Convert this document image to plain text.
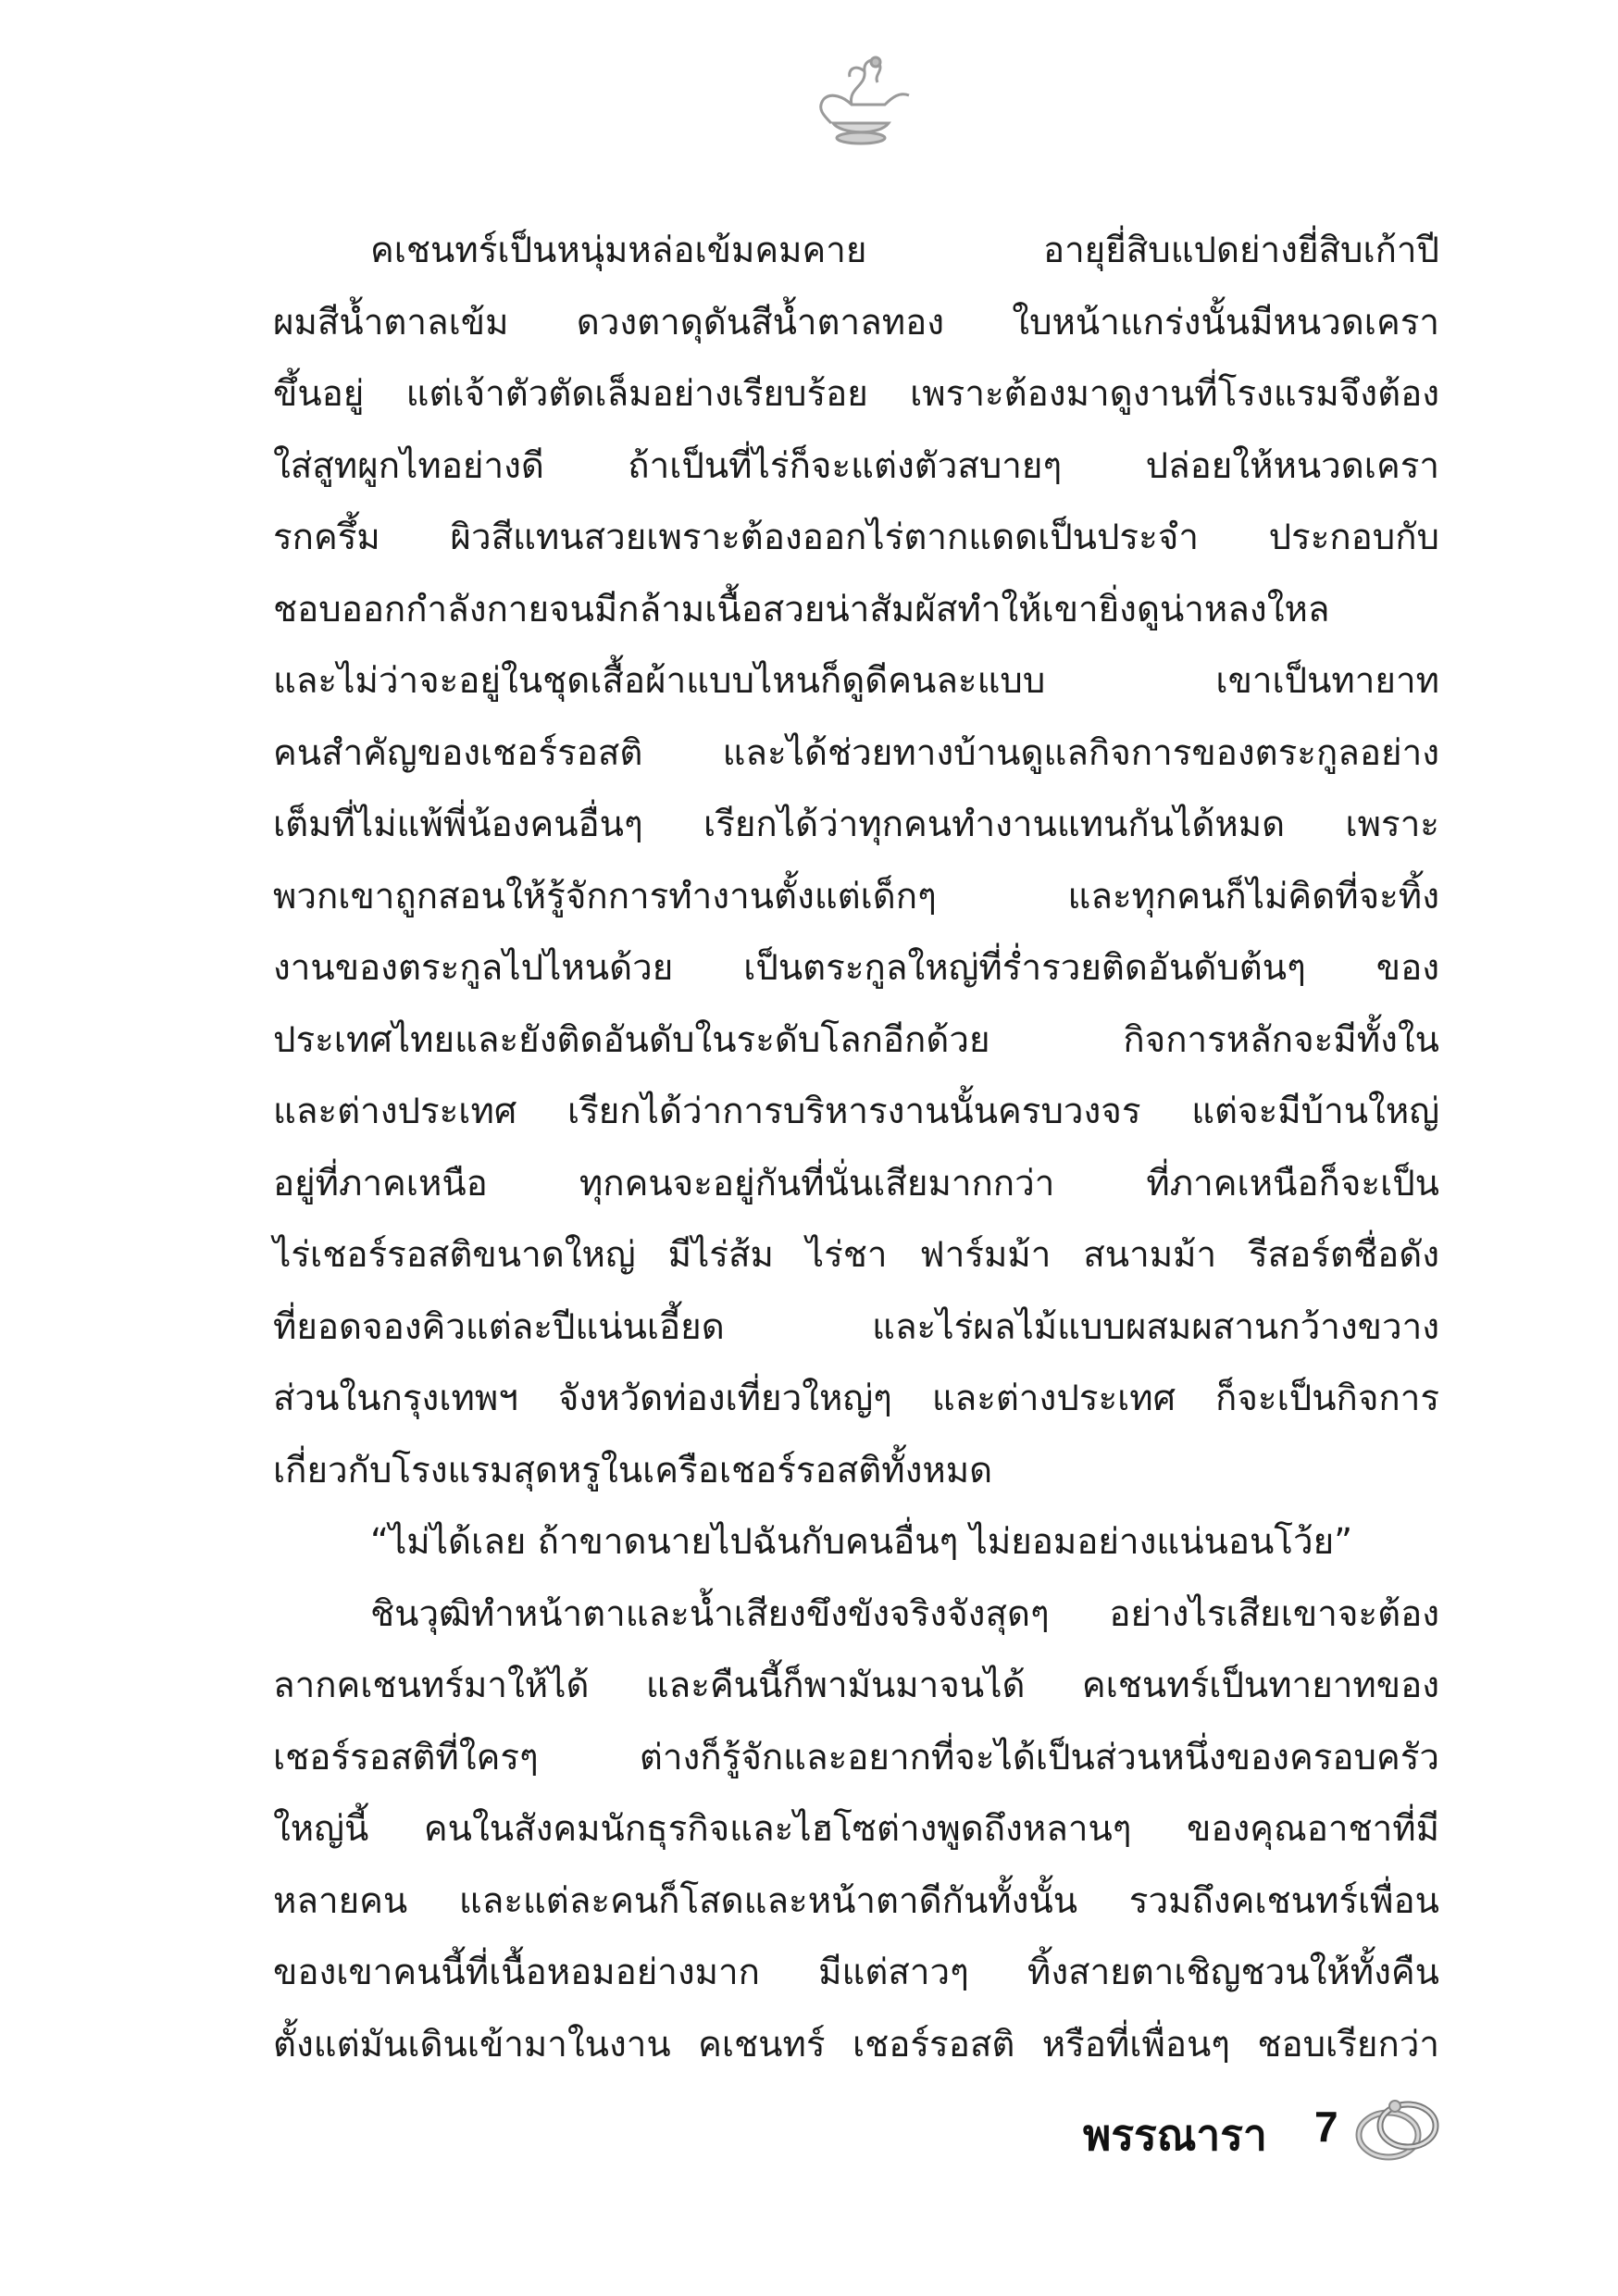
คเชนทร์เป็นหนุ่มหล่อเข้มคมคาย อายุยี่สิบแปดย่างยี่สิบเก้าปี
ผมสีน้ำตาลเข้ม ดวงตาดุดันสีน้ำตาลทอง ใบหน้าแกร่งนั้นมีหนวดเครา
ขึ้นอยู่ แต่เจ้าตัวตัดเล็มอย่างเรียบร้อย เพราะต้องมาดูงานที่โรงแรมจึงต้อง
ใส่สูทผูกไทอย่างดี ถ้าเป็นที่ไร่ก็จะแต่งตัวสบายๆ ปล่อยให้หนวดเครา
รกครึ้ม ผิวสีแทนสวยเพราะต้องออกไร่ตากแดดเป็นประจำ ประกอบกับ
ชอบออกกำลังกายจนมีกล้ามเนื้อสวยน่าสัมผัสทำให้เขายิ่งดูน่าหลงใหล
และไม่ว่าจะอยู่ในชุดเสื้อผ้าแบบไหนก็ดูดีคนละแบบ เขาเป็นทายาท
คนสำคัญของเชอร์รอสติ และได้ช่วยทางบ้านดูแลกิจการของตระกูลอย่าง
เต็มที่ไม่แพ้พี่น้องคนอื่นๆ เรียกได้ว่าทุกคนทำงานแทนกันได้หมด เพราะ
พวกเขาถูกสอนให้รู้จักการทำงานตั้งแต่เด็กๆ และทุกคนก็ไม่คิดที่จะทิ้ง
งานของตระกูลไปไหนด้วย เป็นตระกูลใหญ่ที่ร่ำรวยติดอันดับต้นๆ ของ
ประเทศไทยและยังติดอันดับในระดับโลกอีกด้วย กิจการหลักจะมีทั้งใน
และต่างประเทศ เรียกได้ว่าการบริหารงานนั้นครบวงจร แต่จะมีบ้านใหญ่
อยู่ที่ภาคเหนือ ทุกคนจะอยู่กันที่นั่นเสียมากกว่า ที่ภาคเหนือก็จะเป็น
ไร่เชอร์รอสติขนาดใหญ่ มีไร่ส้ม ไร่ชา ฟาร์มม้า สนามม้า รีสอร์ตชื่อดัง
ที่ยอดจองคิวแต่ละปีแน่นเอี้ยด และไร่ผลไม้แบบผสมผสานกว้างขวาง
ส่วนในกรุงเทพฯ จังหวัดท่องเที่ยวใหญ่ๆ และต่างประเทศ ก็จะเป็นกิจการ
เกี่ยวกับโรงแรมสุดหรูในเครือเชอร์รอสติทั้งหมด
“ไม่ได้เลย ถ้าขาดนายไปฉันกับคนอื่นๆ ไม่ยอมอย่างแน่นอนโว้ย”
ชินวุฒิทำหน้าตาและน้ำเสียงขึงขังจริงจังสุดๆ อย่างไรเสียเขาจะต้อง
ลากคเชนทร์มาให้ได้ และคืนนี้ก็พามันมาจนได้ คเชนทร์เป็นทายาทของ
เชอร์รอสติที่ใครๆ ต่างก็รู้จักและอยากที่จะได้เป็นส่วนหนึ่งของครอบครัว
ใหญ่นี้ คนในสังคมนักธุรกิจและไฮโซต่างพูดถึงหลานๆ ของคุณอาชาที่มี
หลายคน และแต่ละคนก็โสดและหน้าตาดีกันทั้งนั้น รวมถึงคเชนทร์เพื่อน
ของเขาคนนี้ที่เนื้อหอมอย่างมาก มีแต่สาวๆ ทิ้งสายตาเชิญชวนให้ทั้งคืน
ตั้งแต่มันเดินเข้ามาในงาน คเชนทร์ เชอร์รอสติ หรือที่เพื่อนๆ ชอบเรียกว่า
พรรณารา 7
